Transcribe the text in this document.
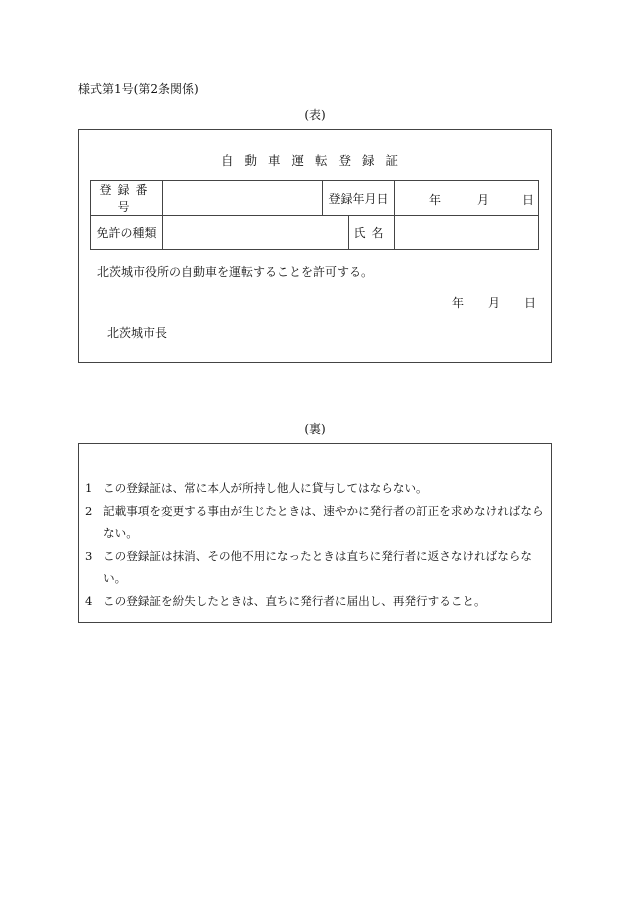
様式第1号(第2条関係)
(表)
自動車運転登録証
登録番号		登録年月日		年 月 日

免許の種類			氏名	
北茨城市役所の自動車を運転することを許可する。
年 月 日
北茨城市長
(裏)
1 この登録証は、常に本人が所持し他人に貸与してはならない。
2 記載事項を変更する事由が生じたときは、速やかに発行者の訂正を求めなければならない。
3 この登録証は抹消、その他不用になったときは直ちに発行者に返さなければならない。
4 この登録証を紛失したときは、直ちに発行者に届出し、再発行すること。
